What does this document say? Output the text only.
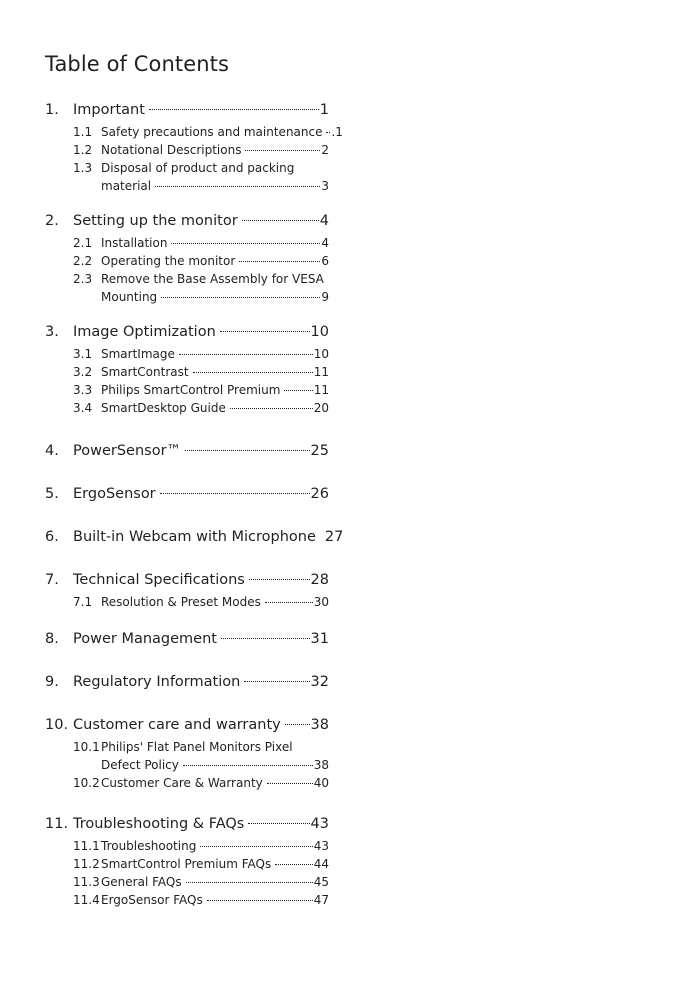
Table of Contents
1. Important	1
1.1 Safety precautions and maintenance .1
1.2 Notational Descriptions	2
1.3 Disposal of product and packing
material	3
2. Setting up the monitor	4
2.1 Installation	4
2.2 Operating the monitor	6
2.3 Remove the Base Assembly for VESA
Mounting	9
3. Image Optimization	10
3.1 SmartImage	10
3.2 SmartContrast	11
3.3 Philips SmartControl Premium	11
3.4 SmartDesktop Guide	20
4. PowerSensor™	25
5. ErgoSensor	26
6. Built-in Webcam with Microphone 27
7. Technical Specifications	28
7.1 Resolution & Preset Modes	30
8. Power Management	31
9. Regulatory Information	32
10. Customer care and warranty 38
10.1 Philips' Flat Panel Monitors Pixel
Defect Policy	38
10.2 Customer Care & Warranty	40
11. Troubleshooting & FAQs	43
11.1 Troubleshooting	43
11.2 SmartControl Premium FAQs	44
11.3 General FAQs	45
11.4 ErgoSensor FAQs	47
